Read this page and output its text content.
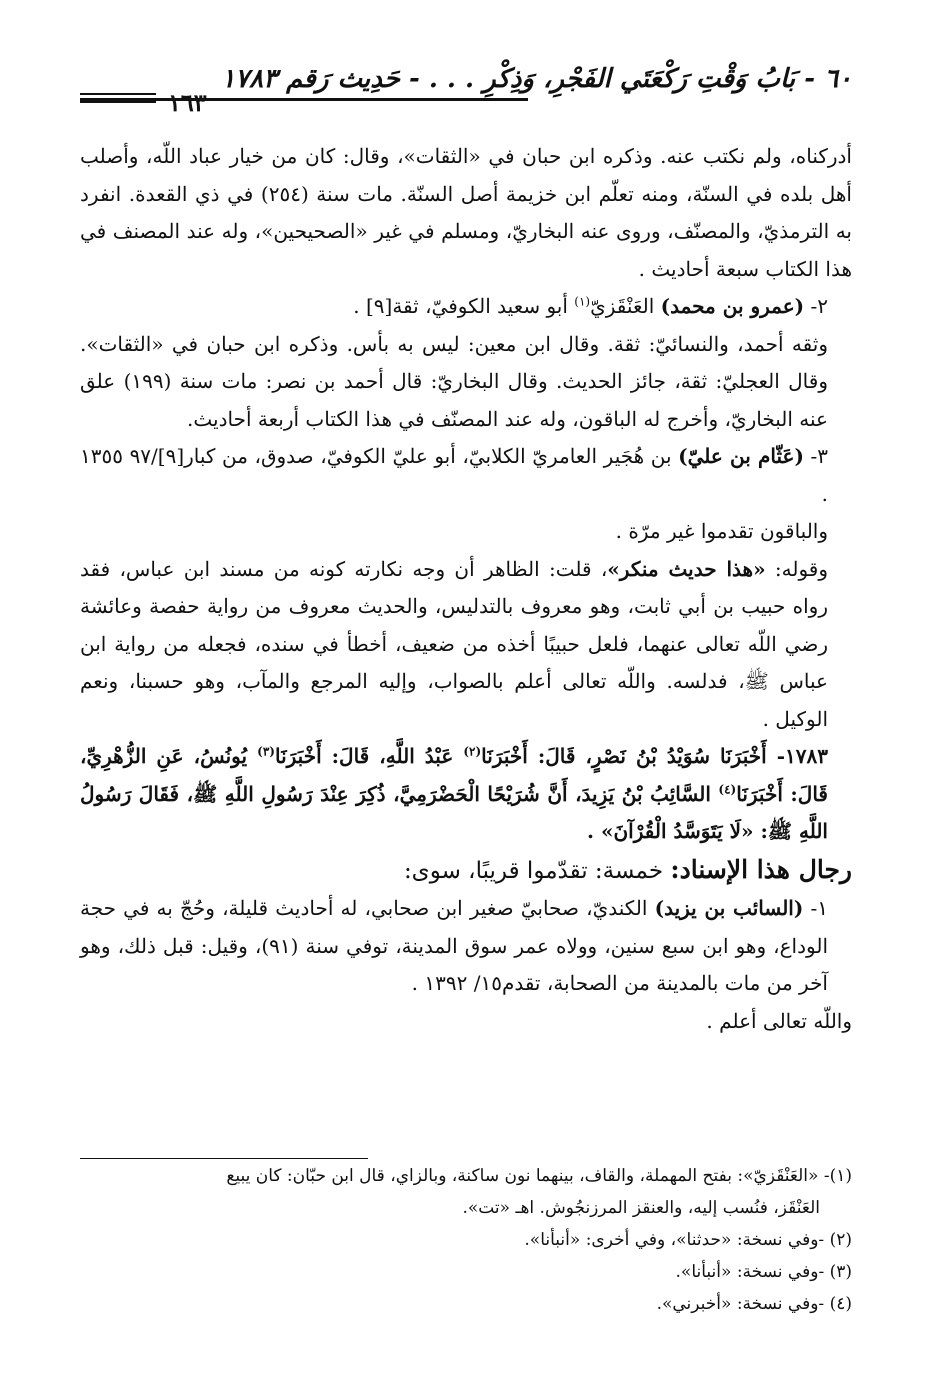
٦٠ - بَابُ وَقْتِ رَكْعَتَي الفَجْرِ، وَذِكْرِ . . . - حَدِيث رَقم ١٧٨٣
١٦٣

أدركناه، ولم نكتب عنه. وذكره ابن حبان في «الثقات»، وقال: كان من خيار عباد اللّه، وأصلب أهل بلده في السنّة، ومنه تعلّم ابن خزيمة أصل السنّة. مات سنة (٢٥٤) في ذي القعدة. انفرد به الترمذيّ، والمصنّف، وروى عنه البخاريّ، ومسلم في غير «الصحيحين»، وله عند المصنف في هذا الكتاب سبعة أحاديث .

٢- (عمرو بن محمد) العَنْقَزيّ$^{(١)}$ أبو سعيد الكوفيّ، ثقة[٩] .

وثقه أحمد، والنسائيّ: ثقة. وقال ابن معين: ليس به بأس. وذكره ابن حبان في «الثقات». وقال العجليّ: ثقة، جائز الحديث. وقال البخاريّ: قال أحمد بن نصر: مات سنة (١٩٩) علق عنه البخاريّ، وأخرج له الباقون، وله عند المصنّف في هذا الكتاب أربعة أحاديث.

٣- (عَثّام بن عليّ) بن هُجَير العامريّ الكلابيّ، أبو عليّ الكوفيّ، صدوق، من كبار[٩]/٩٧ ١٣٥٥ .

والباقون تقدموا غير مرّة .

وقوله: «هذا حديث منكر»، قلت: الظاهر أن وجه نكارته كونه من مسند ابن عباس، فقد رواه حبيب بن أبي ثابت، وهو معروف بالتدليس، والحديث معروف من رواية حفصة وعائشة رضي اللّه تعالى عنهما، فلعل حبيبًا أخذه من ضعيف، أخطأ في سنده، فجعله من رواية ابن عباس ﷺ، فدلسه. واللّه تعالى أعلم بالصواب، وإليه المرجع والمآب، وهو حسبنا، ونعم الوكيل .

١٧٨٣- أَخْبَرَنَا سُوَيْدُ بْنُ نَصْرٍ، قَالَ: أَخْبَرَنَا$^{(٢)}$ عَبْدُ اللَّهِ، قَالَ: أَخْبَرَنَا$^{(٣)}$ يُونُسُ، عَنِ الزُّهْرِيِّ، قَالَ: أَخْبَرَنَا$^{(٤)}$ السَّائِبُ بْنُ يَزِيدَ، أَنَّ شُرَيْحًا الْحَضْرَمِيَّ، ذُكِرَ عِنْدَ رَسُولِ اللَّهِ ﷺ، فَقَالَ رَسُولُ اللَّهِ ﷺ: «لَا يَتَوَسَّدُ الْقُرْآنَ» .

رجال هذا الإسناد: خمسة: تقدّموا قريبًا، سوى:

١- (السائب بن يزيد) الكنديّ، صحابيّ صغير ابن صحابي، له أحاديث قليلة، وحُجّ به في حجة الوداع، وهو ابن سبع سنين، وولاه عمر سوق المدينة، توفي سنة (٩١)، وقيل: قبل ذلك، وهو آخر من مات بالمدينة من الصحابة، تقدم١٥/ ١٣٩٢ .

واللّه تعالى أعلم .

(١)- «العَنْقَزيّ»: بفتح المهملة، والقاف، بينهما نون ساكنة، وبالزاي، قال ابن حبّان: كان يبيع

العَنْقَز، فنُسب إليه، والعنقز المرزنجُوش. اهـ «تت».

(٢) -وفي نسخة: «حدثنا»، وفي أخرى: «أنبأنا».

(٣) -وفي نسخة: «أنبأنا».

(٤) -وفي نسخة: «أخبرني».
